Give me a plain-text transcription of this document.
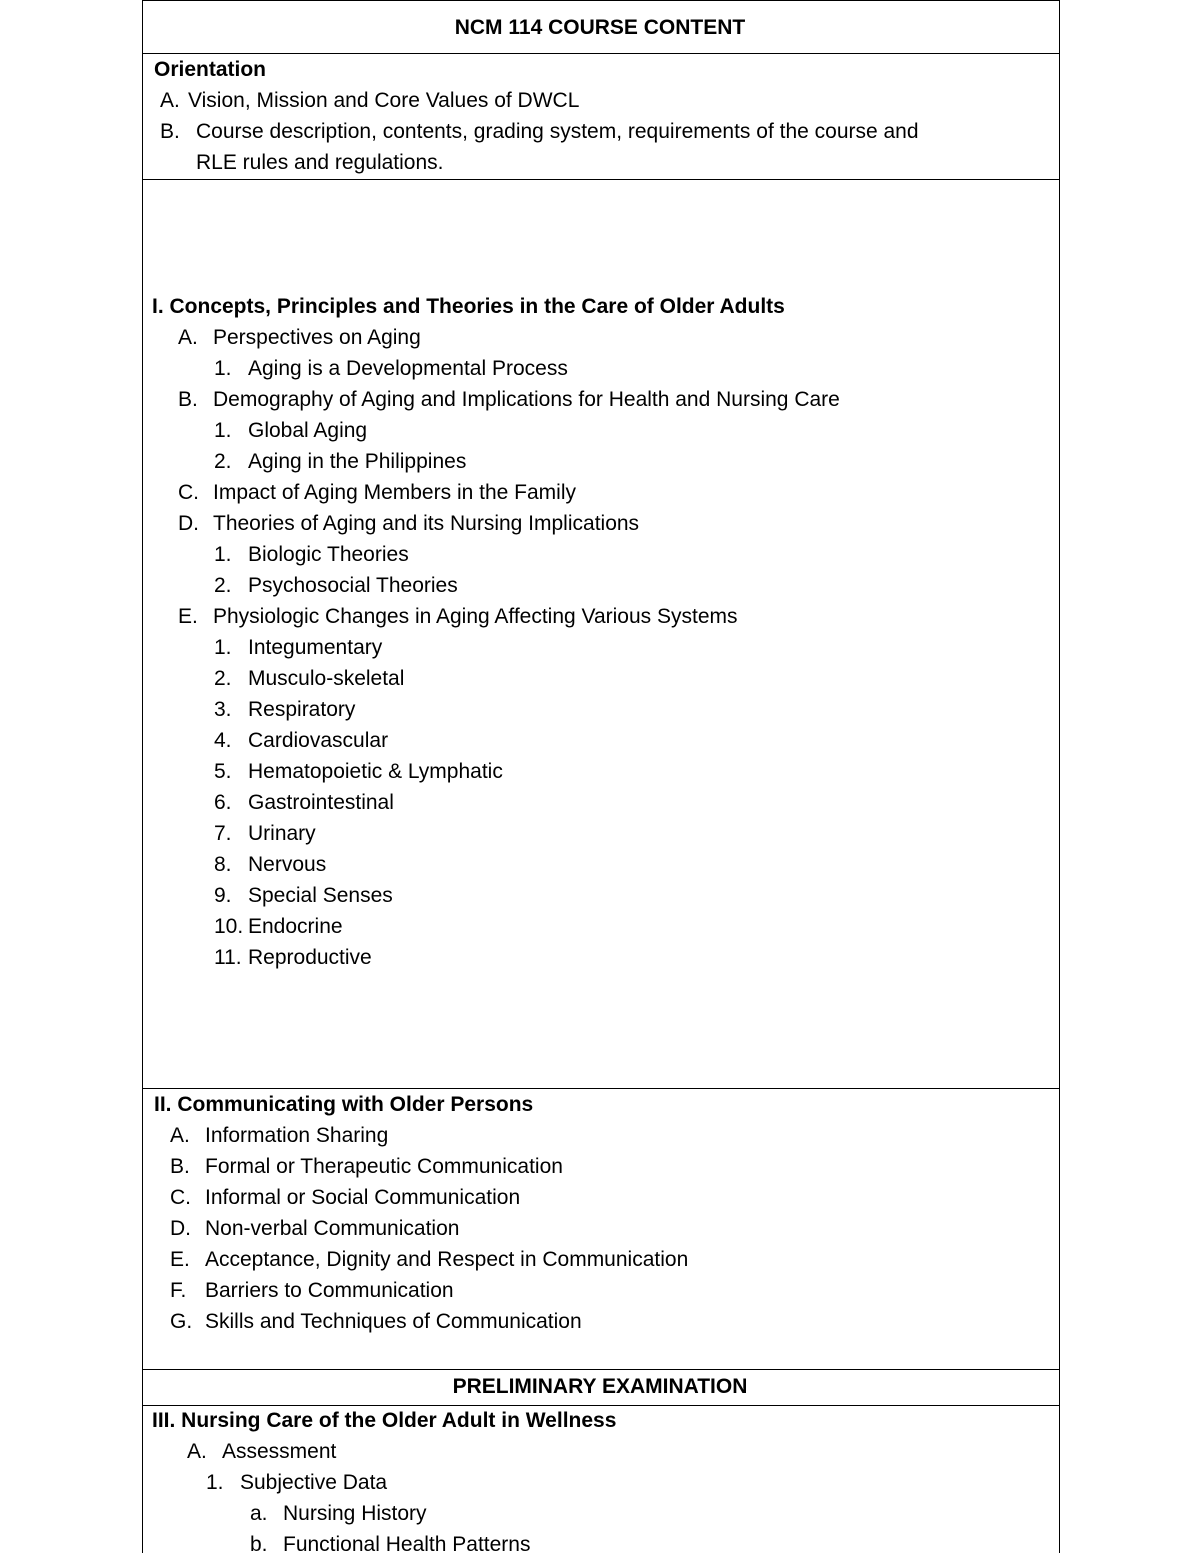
NCM 114 COURSE CONTENT
Orientation
A. Vision, Mission and Core Values of DWCL
B. Course description, contents, grading system, requirements of the course and
RLE rules and regulations.
I. Concepts, Principles and Theories in the Care of Older Adults
A. Perspectives on Aging
1. Aging is a Developmental Process
B. Demography of Aging and Implications for Health and Nursing Care
1. Global Aging
2. Aging in the Philippines
C. Impact of Aging Members in the Family
D. Theories of Aging and its Nursing Implications
1. Biologic Theories
2. Psychosocial Theories
E. Physiologic Changes in Aging Affecting Various Systems
1. Integumentary
2. Musculo-skeletal
3. Respiratory
4. Cardiovascular
5. Hematopoietic & Lymphatic
6. Gastrointestinal
7. Urinary
8. Nervous
9. Special Senses
10. Endocrine
11. Reproductive
II. Communicating with Older Persons
A. Information Sharing
B. Formal or Therapeutic Communication
C. Informal or Social Communication
D. Non-verbal Communication
E. Acceptance, Dignity and Respect in Communication
F. Barriers to Communication
G. Skills and Techniques of Communication
PRELIMINARY EXAMINATION
III. Nursing Care of the Older Adult in Wellness
A. Assessment
1. Subjective Data
a. Nursing History
b. Functional Health Patterns
